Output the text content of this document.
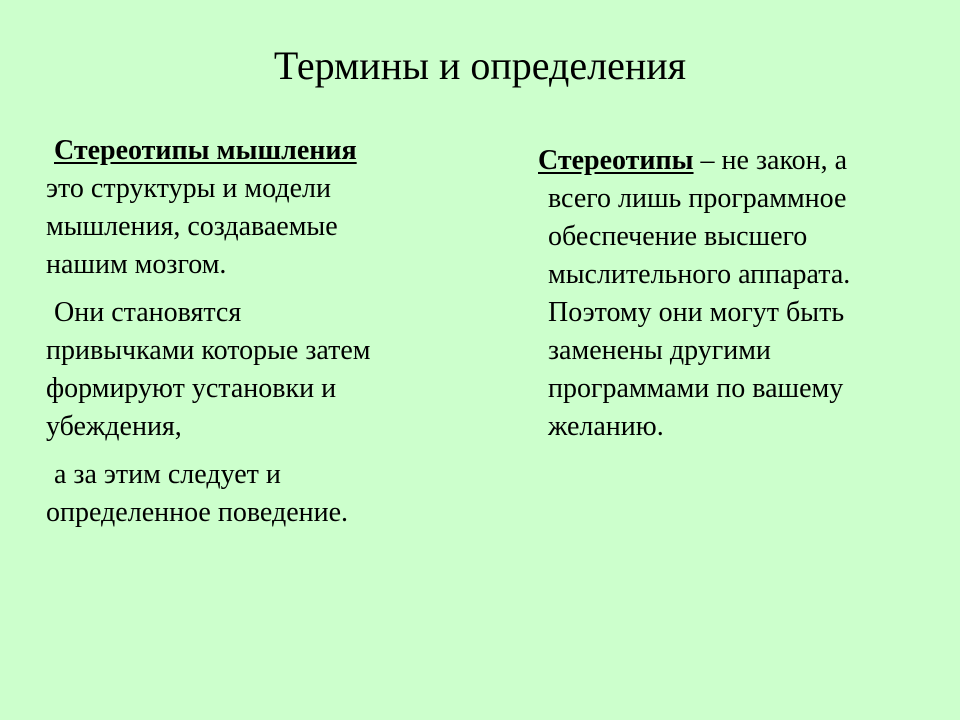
Термины и определения

Стереотипы мышления
это структуры и модели
мышления, создаваемые
нашим мозгом.

Они становятся
привычками которые затем
формируют установки и
убеждения,

а за этим следует и
определенное поведение.

Стереотипы – не закон, а
всего лишь программное
обеспечение высшего
мыслительного аппарата.
Поэтому они могут быть
заменены другими
программами по вашему
желанию.
